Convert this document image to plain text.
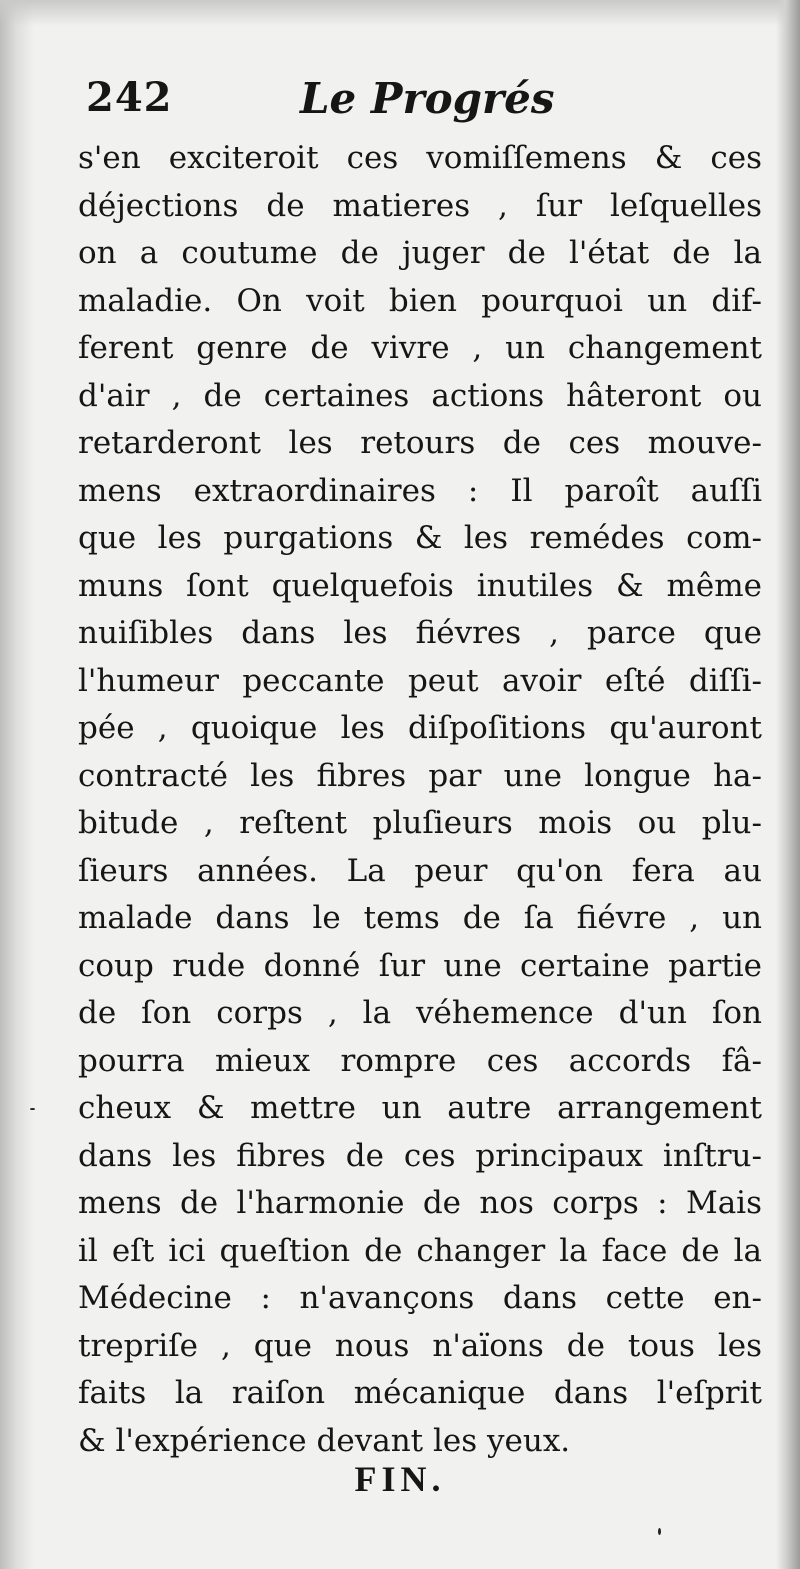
242	Le Progrés
s'en exciteroit ces vomiſſemens & ces
déjections de matieres , ſur leſquelles
on a coutume de juger de l'état de la
maladie. On voit bien pourquoi un dif-
ferent genre de vivre , un changement
d'air , de certaines actions hâteront ou
retarderont les retours de ces mouve-
mens extraordinaires : Il paroît auſſi
que les purgations & les remédes com-
muns ſont quelquefois inutiles & même
nuiſibles dans les fiévres , parce que
l'humeur peccante peut avoir eſté diſſi-
pée , quoique les diſpoſitions qu'auront
contracté les fibres par une longue ha-
bitude , reſtent pluſieurs mois ou plu-
ſieurs années. La peur qu'on fera au
malade dans le tems de ſa fiévre , un
coup rude donné ſur une certaine partie
de ſon corps , la véhemence d'un ſon
pourra mieux rompre ces accords fâ-
cheux & mettre un autre arrangement
dans les fibres de ces principaux inſtru-
mens de l'harmonie de nos corps : Mais
il eſt ici queſtion de changer la face de la
Médecine : n'avançons dans cette en-
trepriſe , que nous n'aïons de tous les
faits la raiſon mécanique dans l'eſprit
& l'expérience devant les yeux.
FIN.
